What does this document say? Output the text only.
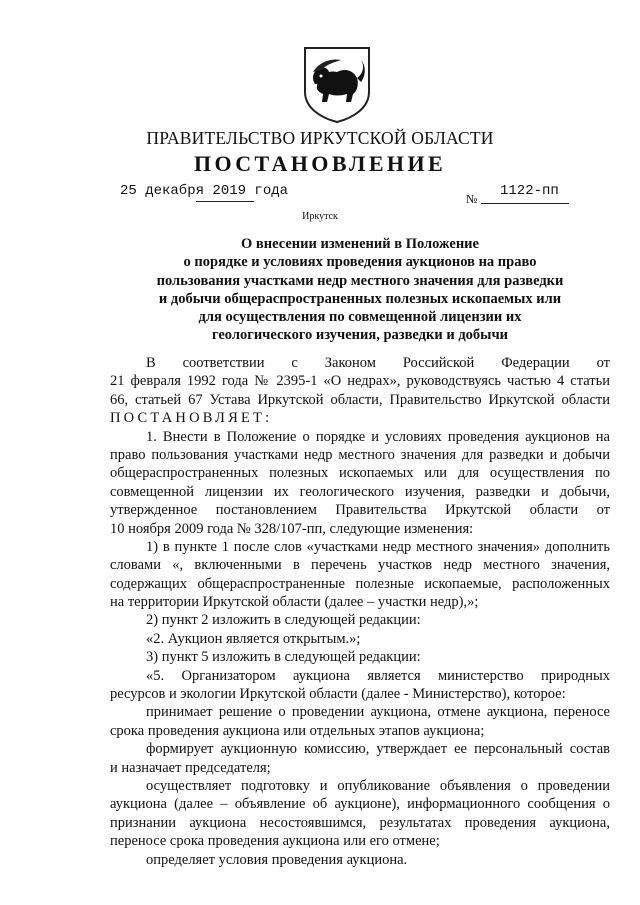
ПРАВИТЕЛЬСТВО ИРКУТСКОЙ ОБЛАСТИ
ПОСТАНОВЛЕНИЕ
25 декабря 2019 года	№ 1122-пп
Иркутск
О внесении изменений в Положение
о порядке и условиях проведения аукционов на право
пользования участками недр местного значения для разведки
и добычи общераспространенных полезных ископаемых или
для осуществления по совмещенной лицензии их
геологического изучения, разведки и добычи
В соответствии с Законом Российской Федерации от
21 февраля 1992 года № 2395-1 «О недрах», руководствуясь частью 4 статьи
66, статьей 67 Устава Иркутской области, Правительство Иркутской области
ПОСТАНОВЛЯЕТ:
1. Внести в Положение о порядке и условиях проведения аукционов на
право пользования участками недр местного значения для разведки и добычи
общераспространенных полезных ископаемых или для осуществления по
совмещенной лицензии их геологического изучения, разведки и добычи,
утвержденное постановлением Правительства Иркутской области от
10 ноября 2009 года № 328/107-пп, следующие изменения:
1) в пункте 1 после слов «участками недр местного значения» дополнить
словами «, включенными в перечень участков недр местного значения,
содержащих общераспространенные полезные ископаемые, расположенных
на территории Иркутской области (далее – участки недр),»;
2) пункт 2 изложить в следующей редакции:
«2. Аукцион является открытым.»;
3) пункт 5 изложить в следующей редакции:
«5. Организатором аукциона является министерство природных
ресурсов и экологии Иркутской области (далее - Министерство), которое:
принимает решение о проведении аукциона, отмене аукциона, переносе
срока проведения аукциона или отдельных этапов аукциона;
формирует аукционную комиссию, утверждает ее персональный состав
и назначает председателя;
осуществляет подготовку и опубликование объявления о проведении
аукциона (далее – объявление об аукционе), информационного сообщения о
признании аукциона несостоявшимся, результатах проведения аукциона,
переносе срока проведения аукциона или его отмене;
определяет условия проведения аукциона.
